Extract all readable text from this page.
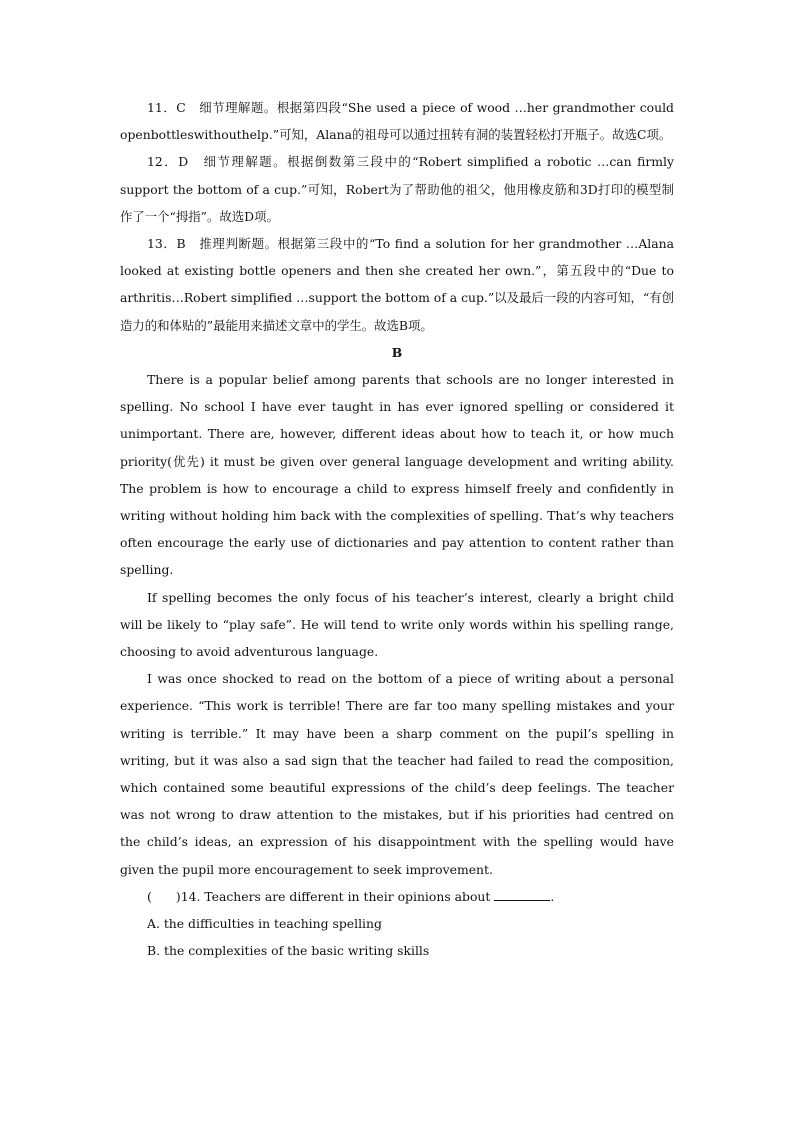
11．C　细节理解题。根据第四段“She used a piece of wood …her grandmother could openbottleswithouthelp.”可知，Alana的祖母可以通过扭转有洞的装置轻松打开瓶子。故选C项。

12．D　细节理解题。根据倒数第三段中的“Robert simplified a robotic …can firmly support the bottom of a cup.”可知，Robert为了帮助他的祖父，他用橡皮筋和3D打印的模型制作了一个“拇指”。故选D项。

13．B　推理判断题。根据第三段中的“To find a solution for her grandmother …Alana looked at existing bottle openers and then she created her own.”，第五段中的“Due to arthritis…Robert simplified …support the bottom of a cup.”以及最后一段的内容可知，“有创造力的和体贴的”最能用来描述文章中的学生。故选B项。

B

There is a popular belief among parents that schools are no longer interested in spelling. No school I have ever taught in has ever ignored spelling or considered it unimportant. There are, however, different ideas about how to teach it, or how much priority(优先) it must be given over general language development and writing ability. The problem is how to encourage a child to express himself freely and confidently in writing without holding him back with the complexities of spelling. That’s why teachers often encourage the early use of dictionaries and pay attention to content rather than spelling.

If spelling becomes the only focus of his teacher’s interest, clearly a bright child will be likely to “play safe”. He will tend to write only words within his spelling range, choosing to avoid adventurous language.

I was once shocked to read on the bottom of a piece of writing about a personal experience. “This work is terrible! There are far too many spelling mistakes and your writing is terrible.” It may have been a sharp comment on the pupil’s spelling in writing, but it was also a sad sign that the teacher had failed to read the composition, which contained some beautiful expressions of the child’s deep feelings. The teacher was not wrong to draw attention to the mistakes, but if his priorities had centred on the child’s ideas, an expression of his disappointment with the spelling would have given the pupil more encouragement to seek improvement.

( )14. Teachers are different in their opinions about	.

A. the difficulties in teaching spelling

B. the complexities of the basic writing skills
